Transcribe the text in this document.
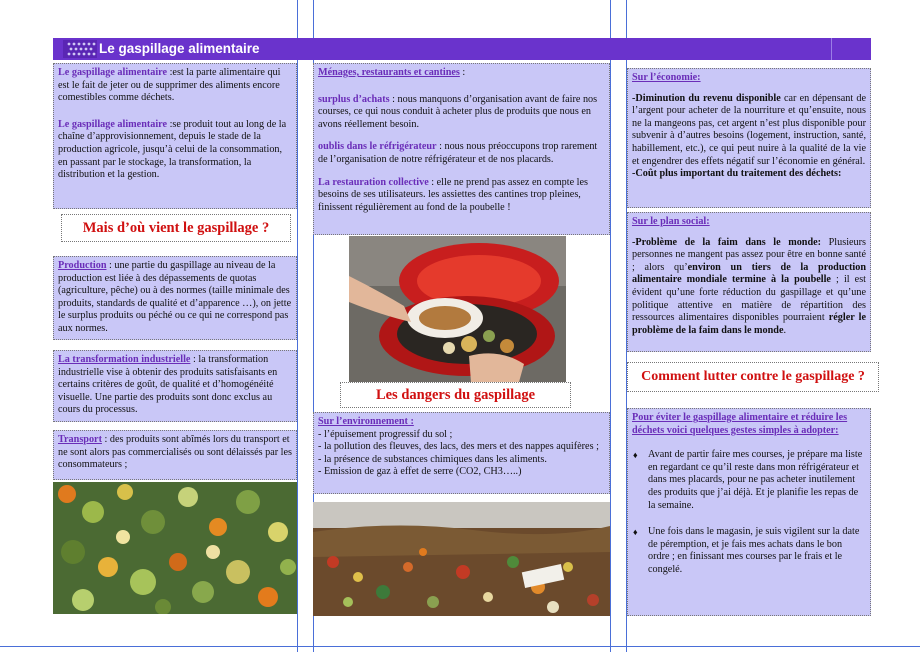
Le gaspillage alimentaire

Le gaspillage alimentaire :est la parte alimentaire qui est le fait de jeter ou de supprimer des aliments encore comestibles comme déchets.

Le gaspillage alimentaire :se produit tout au long de la chaîne d’approvisionnement, depuis le stade de la production agricole, jusqu’à celui de la consommation, en passant par le stockage, la transformation, la distribution et la gestion.

Mais d’où vient le gaspillage ?
Production : une partie du gaspillage au niveau de la production est liée à des dépassements de quotas (agriculture, pêche) ou à des normes (taille minimale des produits, standards de qualité et d’apparence …), on jette le surplus produits ou péché ou ce qui ne correspond pas aux normes.
La transformation industrielle : la transformation industrielle vise à obtenir des produits satisfaisants en certains critères de goût, de qualité et d’homogénéité visuelle. Une partie des produits sont donc exclus au cours du processus.
Transport : des produits sont abîmés lors du transport et ne sont alors pas commercialisés ou sont délaissés par les consommateurs ;

Ménages, restaurants et cantines :

surplus d’achats : nous manquons d’organisation avant de faire nos courses, ce qui nous conduit à acheter plus de produits que nous en avons réellement besoin.

oublis dans le réfrigérateur : nous nous préoccupons trop rarement de l’organisation de notre réfrigérateur et de nos placards.

La restauration collective : elle ne prend pas assez en compte les besoins de ses utilisateurs. les assiettes des cantines trop pleines, finissent régulièrement au fond de la poubelle !

Les dangers du gaspillage
Sur l’environnement :
- l’épuisement progressif du sol ;
- la pollution des fleuves, des lacs, des mers et des nappes aquifères ;
- la présence de substances chimiques dans les aliments.
- Emission de gaz à effet de serre (CO2, CH3…..)

Sur l’économie:

-Diminution du revenu disponible car en dépensant de l’argent pour acheter de la nourriture et qu’ensuite, nous ne la mangeons pas, cet argent n’est plus disponible pour subvenir à d’autres besoins (logement, instruction, santé, habillement, etc.), ce qui peut nuire à la qualité de la vie et engendrer des effets négatif sur l’économie en général.
-Coût plus important du traitement des déchets:

Sur le plan social:

-Problème de la faim dans le monde: Plusieurs personnes ne mangent pas assez pour être en bonne santé ; alors qu’environ un tiers de la production alimentaire mondiale termine à la poubelle ; il est évident qu’une forte réduction du gaspillage et qu’une politique attentive en matière de répartition des ressources alimentaires disponibles pourraient régler le problème de la faim dans le monde.
Comment lutter contre le gaspillage ?
Pour éviter le gaspillage alimentaire et réduire les déchets voici quelques gestes simples à adopter:
♦ Avant de partir faire mes courses, je prépare ma liste en regardant ce qu’il reste dans mon réfrigérateur et dans mes placards, pour ne pas acheter inutilement des produits que j’ai déjà. Et je planifie les repas de la semaine.
♦ Une fois dans le magasin, je suis vigilent sur la date de péremption, et je fais mes achats dans le bon ordre ; en finissant mes courses par le frais et le congelé.
